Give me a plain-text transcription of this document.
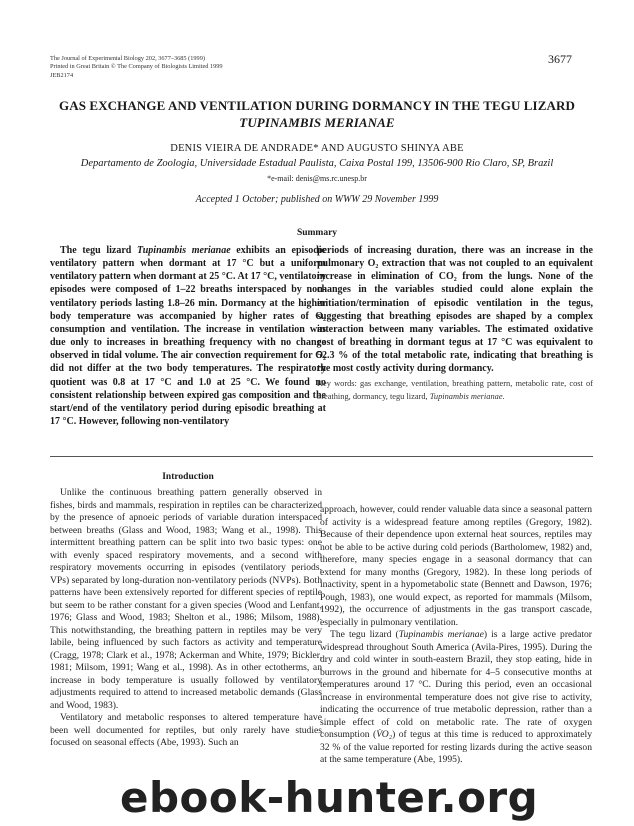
The Journal of Experimental Biology 202, 3677–3685 (1999)
Printed in Great Britain © The Company of Biologists Limited 1999
JEB2174
3677
GAS EXCHANGE AND VENTILATION DURING DORMANCY IN THE TEGU LIZARD
TUPINAMBIS MERIANAE
DENIS VIEIRA DE ANDRADE* AND AUGUSTO SHINYA ABE
Departamento de Zoologia, Universidade Estadual Paulista, Caixa Postal 199, 13506-900 Rio Claro, SP, Brazil
*e-mail: denis@ms.rc.unesp.br
Accepted 1 October; published on WWW 29 November 1999
Summary

The tegu lizard Tupinambis merianae exhibits an episodic ventilatory pattern when dormant at 17 °C but a uniform ventilatory pattern when dormant at 25 °C. At 17 °C, ventilatory episodes were composed of 1–22 breaths interspaced by non-ventilatory periods lasting 1.8–26 min. Dormancy at the higher body temperature was accompanied by higher rates of O₂ consumption and ventilation. The increase in ventilation was due only to increases in breathing frequency with no change observed in tidal volume. The air convection requirement for O₂ did not differ at the two body temperatures. The respiratory quotient was 0.8 at 17 °C and 1.0 at 25 °C. We found no consistent relationship between expired gas composition and the start/end of the ventilatory period during episodic breathing at 17 °C. However, following non-ventilatory

periods of increasing duration, there was an increase in the pulmonary O₂ extraction that was not coupled to an equivalent increase in elimination of CO₂ from the lungs. None of the changes in the variables studied could alone explain the initiation/termination of episodic ventilation in the tegus, suggesting that breathing episodes are shaped by a complex interaction between many variables. The estimated oxidative cost of breathing in dormant tegus at 17 °C was equivalent to 52.3 % of the total metabolic rate, indicating that breathing is the most costly activity during dormancy.

Key words: gas exchange, ventilation, breathing pattern, metabolic rate, cost of breathing, dormancy, tegu lizard, Tupinambis merianae.
Introduction

Unlike the continuous breathing pattern generally observed in fishes, birds and mammals, respiration in reptiles can be characterized by the presence of apnoeic periods of variable duration interspaced between breaths (Glass and Wood, 1983; Wang et al., 1998). This intermittent breathing pattern can be split into two basic types: one with evenly spaced respiratory movements, and a second with respiratory movements occurring in episodes (ventilatory periods, VPs) separated by long-duration non-ventilatory periods (NVPs). Both patterns have been extensively reported for different species of reptile but seem to be rather constant for a given species (Wood and Lenfant, 1976; Glass and Wood, 1983; Shelton et al., 1986; Milsom, 1988). This notwithstanding, the breathing pattern in reptiles may be very labile, being influenced by such factors as activity and temperature (Cragg, 1978; Clark et al., 1978; Ackerman and White, 1979; Bickler, 1981; Milsom, 1991; Wang et al., 1998). As in other ectotherms, an increase in body temperature is usually followed by ventilatory adjustments required to attend to increased metabolic demands (Glass and Wood, 1983).

Ventilatory and metabolic responses to altered temperature have been well documented for reptiles, but only rarely have studies focused on seasonal effects (Abe, 1993). Such an

approach, however, could render valuable data since a seasonal pattern of activity is a widespread feature among reptiles (Gregory, 1982). Because of their dependence upon external heat sources, reptiles may not be able to be active during cold periods (Bartholomew, 1982) and, therefore, many species engage in a seasonal dormancy that can extend for many months (Gregory, 1982). In these long periods of inactivity, spent in a hypometabolic state (Bennett and Dawson, 1976; Pough, 1983), one would expect, as reported for mammals (Milsom, 1992), the occurrence of adjustments in the gas transport cascade, especially in pulmonary ventilation.

The tegu lizard (Tupinambis merianae) is a large active predator widespread throughout South America (Avila-Pires, 1995). During the dry and cold winter in south-eastern Brazil, they stop eating, hide in burrows in the ground and hibernate for 4–5 consecutive months at temperatures around 17 °C. During this period, even an occasional increase in environmental temperature does not give rise to activity, indicating the occurrence of true metabolic depression, rather than a simple effect of cold on metabolic rate. The rate of oxygen consumption (V̇O₂) of tegus at this time is reduced to approximately 32 % of the value reported for resting lizards during the active season at the same temperature (Abe, 1995).

ebook-hunter.org
